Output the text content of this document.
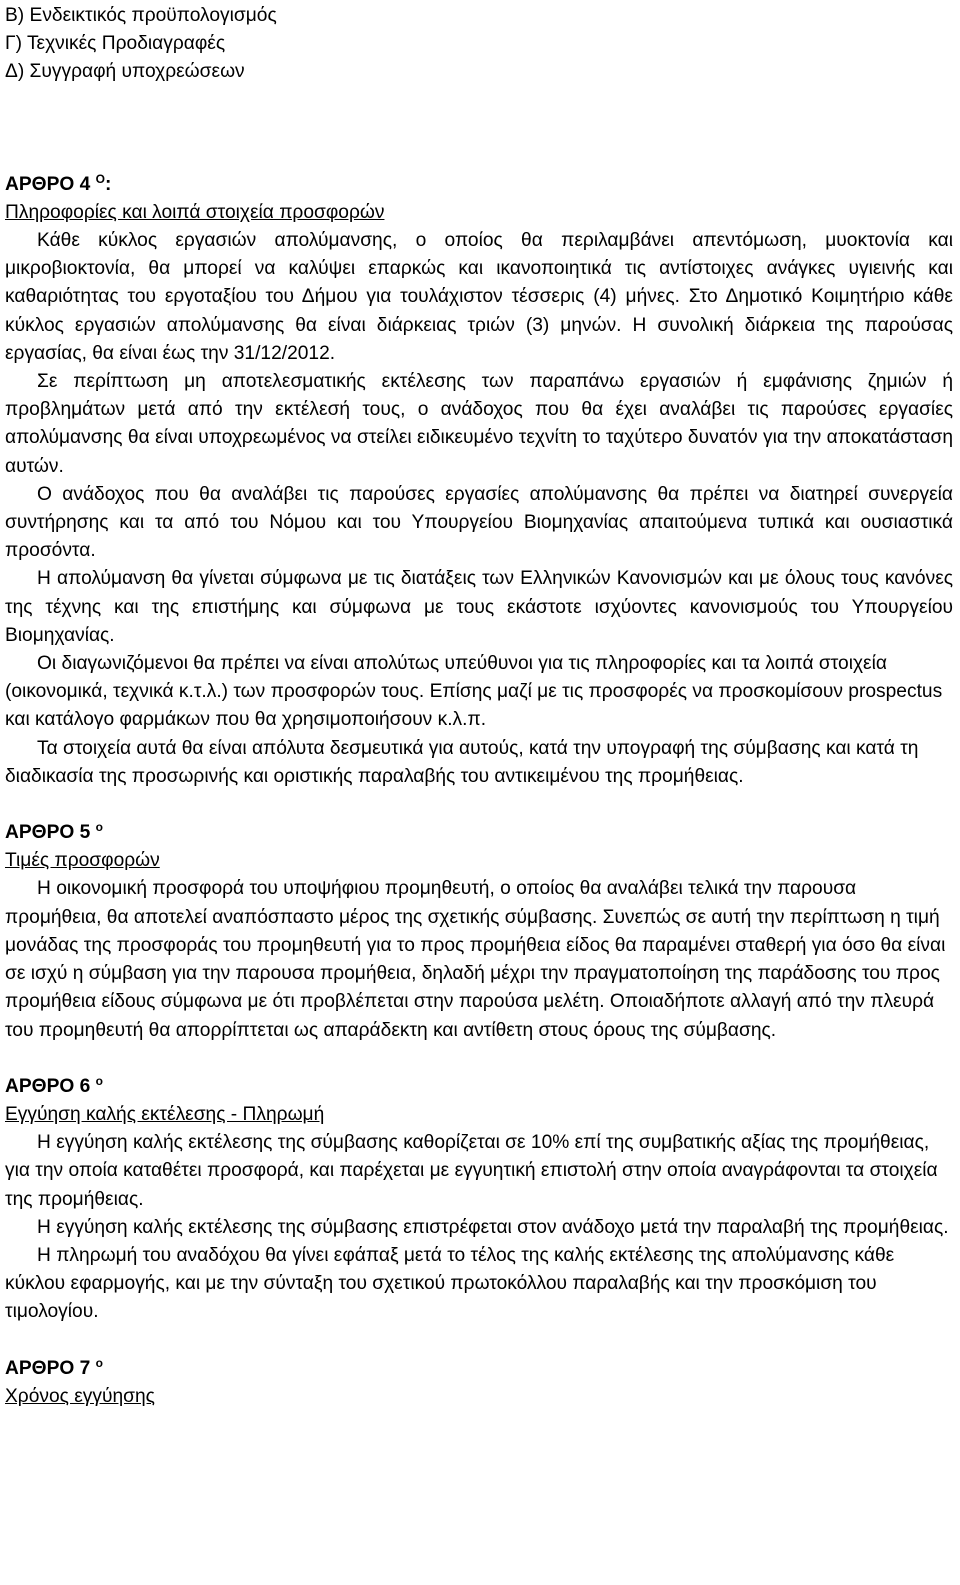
Β) Ενδεικτικός προϋπολογισμός

Γ) Τεχνικές Προδιαγραφές

Δ) Συγγραφή υποχρεώσεων

ΑΡΘΡΟ 4 $^O$:

Πληροφορίες και λοιπά στοιχεία προσφορών

Κάθε κύκλος εργασιών απολύμανσης, ο οποίος θα περιλαμβάνει απεντόμωση, μυοκτονία και μικροβιοκτονία, θα μπορεί να καλύψει επαρκώς και ικανοποιητικά τις αντίστοιχες ανάγκες υγιεινής και καθαριότητας του εργοταξίου του Δήμου για τουλάχιστον τέσσερις (4) μήνες. Στο Δημοτικό Κοιμητήριο κάθε κύκλος εργασιών απολύμανσης θα είναι διάρκειας τριών (3) μηνών. Η συνολική διάρκεια της παρούσας εργασίας, θα είναι έως την 31/12/2012.

Σε περίπτωση μη αποτελεσματικής εκτέλεσης των παραπάνω εργασιών ή εμφάνισης ζημιών ή προβλημάτων μετά από την εκτέλεσή τους, ο ανάδοχος που θα έχει αναλάβει τις παρούσες εργασίες απολύμανσης θα είναι υποχρεωμένος να στείλει ειδικευμένο τεχνίτη το ταχύτερο δυνατόν για την αποκατάσταση αυτών.

Ο ανάδοχος που θα αναλάβει τις παρούσες εργασίες απολύμανσης θα πρέπει να διατηρεί συνεργεία συντήρησης και τα από του Νόμου και του Υπουργείου Βιομηχανίας απαιτούμενα τυπικά και ουσιαστικά προσόντα.

Η απολύμανση θα γίνεται σύμφωνα με τις διατάξεις των Ελληνικών Κανονισμών και με όλους τους κανόνες της τέχνης και της επιστήμης και σύμφωνα με τους εκάστοτε ισχύοντες κανονισμούς του Υπουργείου Βιομηχανίας.

Οι διαγωνιζόμενοι θα πρέπει να είναι απολύτως υπεύθυνοι για τις πληροφορίες και τα λοιπά στοιχεία (οικονομικά, τεχνικά κ.τ.λ.) των προσφορών τους. Επίσης μαζί με τις προσφορές να προσκομίσουν prospectus και κατάλογο φαρμάκων που θα χρησιμοποιήσουν κ.λ.π.

Τα στοιχεία αυτά θα είναι απόλυτα δεσμευτικά για αυτούς, κατά την υπογραφή της σύμβασης και κατά τη διαδικασία της προσωρινής και οριστικής παραλαβής του αντικειμένου της προμήθειας.

ΑΡΘΡΟ 5 $^o$

Τιμές προσφορών

Η οικονομική προσφορά του υποψήφιου προμηθευτή, ο οποίος θα αναλάβει τελικά την παρουσα προμήθεια, θα αποτελεί αναπόσπαστο μέρος της σχετικής σύμβασης. Συνεπώς σε αυτή την περίπτωση η τιμή μονάδας της προσφοράς του προμηθευτή για το προς προμήθεια είδος θα παραμένει σταθερή για όσο θα είναι σε ισχύ η σύμβαση για την παρουσα προμήθεια, δηλαδή μέχρι την πραγματοποίηση της παράδοσης του προς προμήθεια είδους σύμφωνα με ότι προβλέπεται στην παρούσα μελέτη. Οποιαδήποτε αλλαγή από την πλευρά του προμηθευτή θα απορρίπτεται ως απαράδεκτη και αντίθετη στους όρους της σύμβασης.

ΑΡΘΡΟ 6 $^o$

Εγγύηση καλής εκτέλεσης - Πληρωμή

Η εγγύηση καλής εκτέλεσης της σύμβασης καθορίζεται σε 10% επί της συμβατικής αξίας της προμήθειας, για την οποία καταθέτει προσφορά, και παρέχεται με εγγυητική επιστολή στην οποία αναγράφονται τα στοιχεία της προμήθειας.

Η εγγύηση καλής εκτέλεσης της σύμβασης επιστρέφεται στον ανάδοχο μετά την παραλαβή της προμήθειας.

Η πληρωμή του αναδόχου θα γίνει εφάπαξ μετά το τέλος της καλής εκτέλεσης της απολύμανσης κάθε κύκλου εφαρμογής, και με την σύνταξη του σχετικού πρωτοκόλλου παραλαβής και την προσκόμιση του τιμολογίου.

ΑΡΘΡΟ 7 $^o$

Χρόνος εγγύησης
